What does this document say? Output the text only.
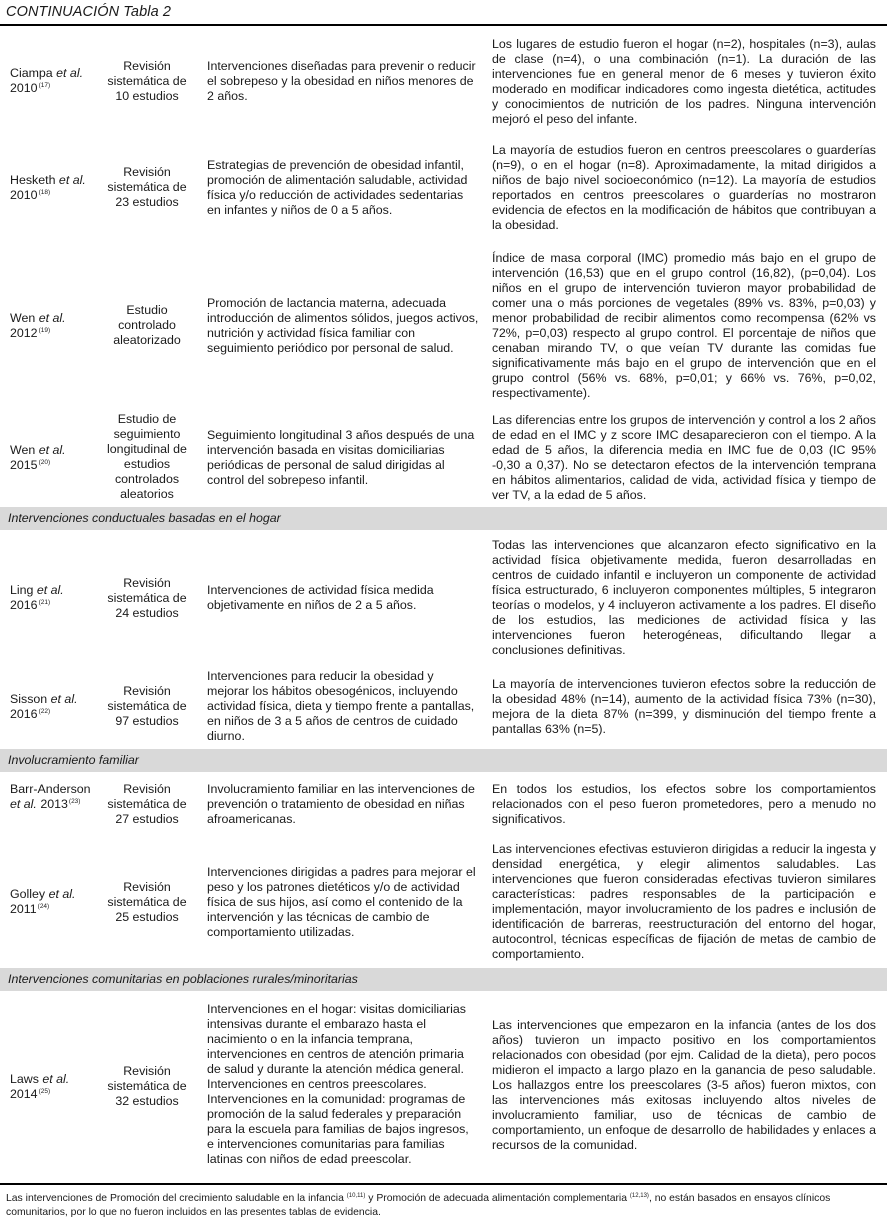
CONTINUACIÓN Tabla 2
Ciampa et al.
2010$^{(17)}$
Revisión sistemática de 10 estudios
Intervenciones diseñadas para prevenir o reducir el sobrepeso y la obesidad en niños menores de 2 años.
Los lugares de estudio fueron el hogar (n=2), hospitales (n=3), aulas de clase (n=4), o una combinación (n=1). La duración de las intervenciones fue en general menor de 6 meses y tuvieron éxito moderado en modificar indicadores como ingesta dietética, actitudes y conocimientos de nutrición de los padres. Ninguna intervención mejoró el peso del infante.
Hesketh et al.
2010$^{(18)}$
Revisión sistemática de 23 estudios
Estrategias de prevención de obesidad infantil, promoción de alimentación saludable, actividad física y/o reducción de actividades sedentarias en infantes y niños de 0 a 5 años.
La mayoría de estudios fueron en centros preescolares o guarderías (n=9), o en el hogar (n=8). Aproximadamente, la mitad dirigidos a niños de bajo nivel socioeconómico (n=12). La mayoría de estudios reportados en centros preescolares o guarderías no mostraron evidencia de efectos en la modificación de hábitos que contribuyan a la obesidad.
Wen et al.
2012$^{(19)}$
Estudio controlado aleatorizado
Promoción de lactancia materna, adecuada introducción de alimentos sólidos, juegos activos, nutrición y actividad física familiar con seguimiento periódico por personal de salud.
Índice de masa corporal (IMC) promedio más bajo en el grupo de intervención (16,53) que en el grupo control (16,82), (p=0,04). Los niños en el grupo de intervención tuvieron mayor probabilidad de comer una o más porciones de vegetales (89% vs. 83%, p=0,03) y menor probabilidad de recibir alimentos como recompensa (62% vs 72%, p=0,03) respecto al grupo control. El porcentaje de niños que cenaban mirando TV, o que veían TV durante las comidas fue significativamente más bajo en el grupo de intervención que en el grupo control (56% vs. 68%, p=0,01; y 66% vs. 76%, p=0,02, respectivamente).
Wen et al.
2015$^{(20)}$
Estudio de seguimiento longitudinal de estudios controlados aleatorios
Seguimiento longitudinal 3 años después de una intervención basada en visitas domiciliarias periódicas de personal de salud dirigidas al control del sobrepeso infantil.
Las diferencias entre los grupos de intervención y control a los 2 años de edad en el IMC y z score IMC desaparecieron con el tiempo. A la edad de 5 años, la diferencia media en IMC fue de 0,03 (IC 95% -0,30 a 0,37). No se detectaron efectos de la intervención temprana en hábitos alimentarios, calidad de vida, actividad física y tiempo de ver TV, a la edad de 5 años.
Intervenciones conductuales basadas en el hogar
Ling et al.
2016$^{(21)}$
Revisión sistemática de 24 estudios
Intervenciones de actividad física medida objetivamente en niños de 2 a 5 años.
Todas las intervenciones que alcanzaron efecto significativo en la actividad física objetivamente medida, fueron desarrolladas en centros de cuidado infantil e incluyeron un componente de actividad física estructurado, 6 incluyeron componentes múltiples, 5 integraron teorías o modelos, y 4 incluyeron activamente a los padres. El diseño de los estudios, las mediciones de actividad física y las intervenciones fueron heterogéneas, dificultando llegar a conclusiones definitivas.
Sisson et al.
2016$^{(22)}$
Revisión sistemática de 97 estudios
Intervenciones para reducir la obesidad y mejorar los hábitos obesogénicos, incluyendo actividad física, dieta y tiempo frente a pantallas, en niños de 3 a 5 años de centros de cuidado diurno.
La mayoría de intervenciones tuvieron efectos sobre la reducción de la obesidad 48% (n=14), aumento de la actividad física 73% (n=30), mejora de la dieta 87% (n=399, y disminución del tiempo frente a pantallas 63% (n=5).
Involucramiento familiar
Barr-Anderson
et al. 2013$^{(23)}$
Revisión sistemática de 27 estudios
Involucramiento familiar en las intervenciones de prevención o tratamiento de obesidad en niñas afroamericanas.
En todos los estudios, los efectos sobre los comportamientos relacionados con el peso fueron prometedores, pero a menudo no significativos.
Golley et al.
2011$^{(24)}$
Revisión sistemática de 25 estudios
Intervenciones dirigidas a padres para mejorar el peso y los patrones dietéticos y/o de actividad física de sus hijos, así como el contenido de la intervención y las técnicas de cambio de comportamiento utilizadas.
Las intervenciones efectivas estuvieron dirigidas a reducir la ingesta y densidad energética, y elegir alimentos saludables. Las intervenciones que fueron consideradas efectivas tuvieron similares características: padres responsables de la participación e implementación, mayor involucramiento de los padres e inclusión de identificación de barreras, reestructuración del entorno del hogar, autocontrol, técnicas específicas de fijación de metas de cambio de comportamiento.
Intervenciones comunitarias en poblaciones rurales/minoritarias
Laws et al.
2014$^{(25)}$
Revisión sistemática de 32 estudios
Intervenciones en el hogar: visitas domiciliarias intensivas durante el embarazo hasta el nacimiento o en la infancia temprana, intervenciones en centros de atención primaria de salud y durante la atención médica general. Intervenciones en centros preescolares. Intervenciones en la comunidad: programas de promoción de la salud federales y preparación para la escuela para familias de bajos ingresos, e intervenciones comunitarias para familias latinas con niños de edad preescolar.
Las intervenciones que empezaron en la infancia (antes de los dos años) tuvieron un impacto positivo en los comportamientos relacionados con obesidad (por ejm. Calidad de la dieta), pero pocos midieron el impacto a largo plazo en la ganancia de peso saludable. Los hallazgos entre los preescolares (3-5 años) fueron mixtos, con las intervenciones más exitosas incluyendo altos niveles de involucramiento familiar, uso de técnicas de cambio de comportamiento, un enfoque de desarrollo de habilidades y enlaces a recursos de la comunidad.
Las intervenciones de Promoción del crecimiento saludable en la infancia $^{(10,11)}$ y Promoción de adecuada alimentación complementaria $^{(12,13)}$, no están basados en ensayos clínicos comunitarios, por lo que no fueron incluidos en las presentes tablas de evidencia.
